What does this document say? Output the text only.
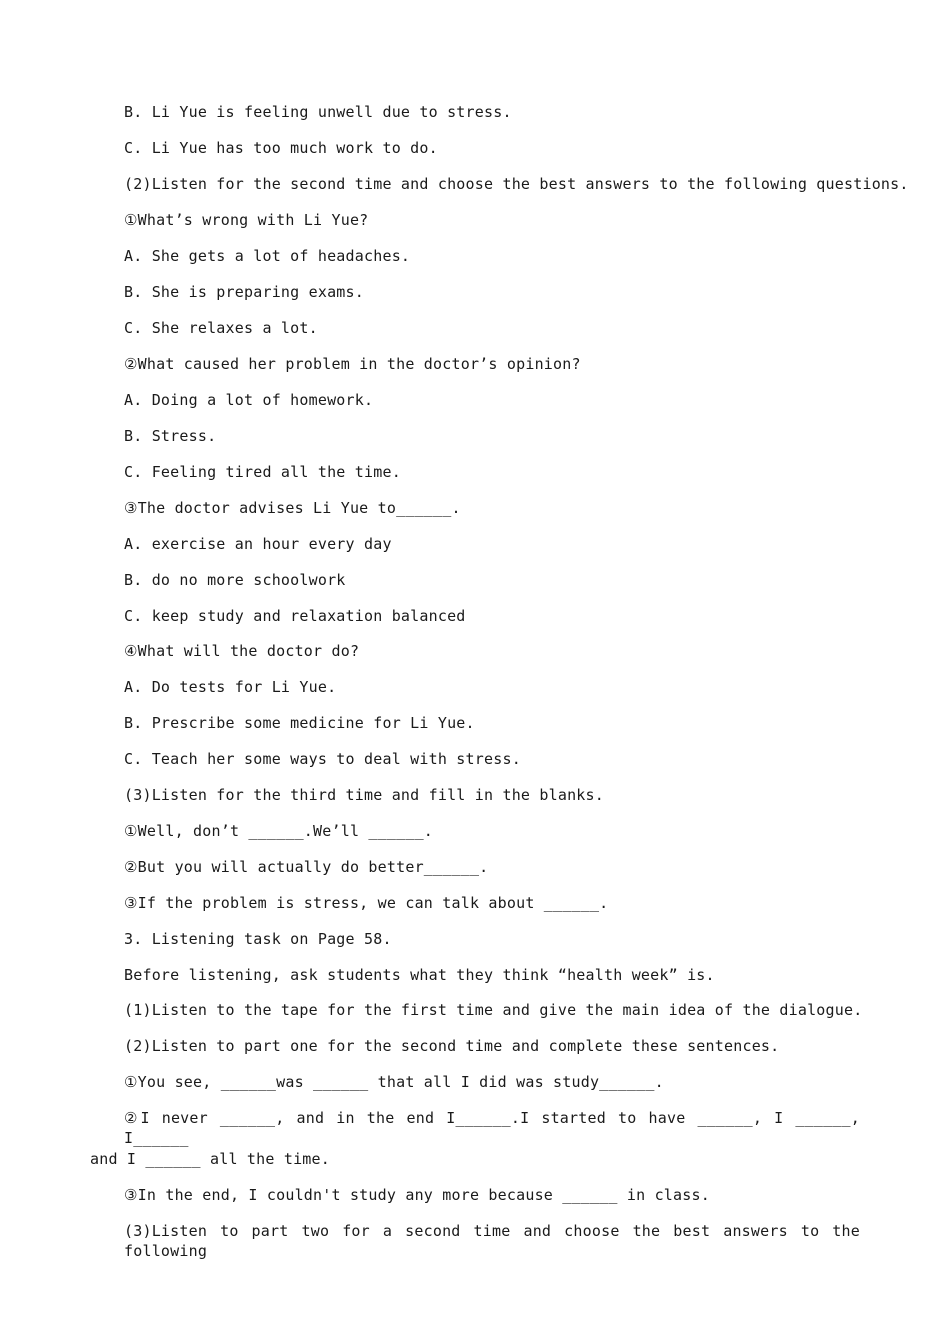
B. Li Yue is feeling unwell due to stress.
C. Li Yue has too much work to do.
(2)Listen for the second time and choose the best answers to the following questions.
①What’s wrong with Li Yue?
A. She gets a lot of headaches.
B. She is preparing exams.
C. She relaxes a lot.
②What caused her problem in the doctor’s opinion?
A. Doing a lot of homework.
B. Stress.
C. Feeling tired all the time.
③The doctor advises Li Yue to______.
A. exercise an hour every day
B. do no more schoolwork
C. keep study and relaxation balanced
④What will the doctor do?
A. Do tests for Li Yue.
B. Prescribe some medicine for Li Yue.
C. Teach her some ways to deal with stress.
(3)Listen for the third time and fill in the blanks.
①Well, don’t ______.We’ll ______.
②But you will actually do better______.
③If the problem is stress, we can talk about ______.
3. Listening task on Page 58.
Before listening, ask students what they think “health week” is.
(1)Listen to the tape for the first time and give the main idea of the dialogue.
(2)Listen to part one for the second time and complete these sentences.
①You see, ______was ______ that all I did was study______.
②I never ______, and in the end I______.I started to have ______, I ______, I______
and I ______ all the time.
③In the end, I couldn't study any more because ______ in class.
(3)Listen to part two for a second time and choose the best answers to the following
